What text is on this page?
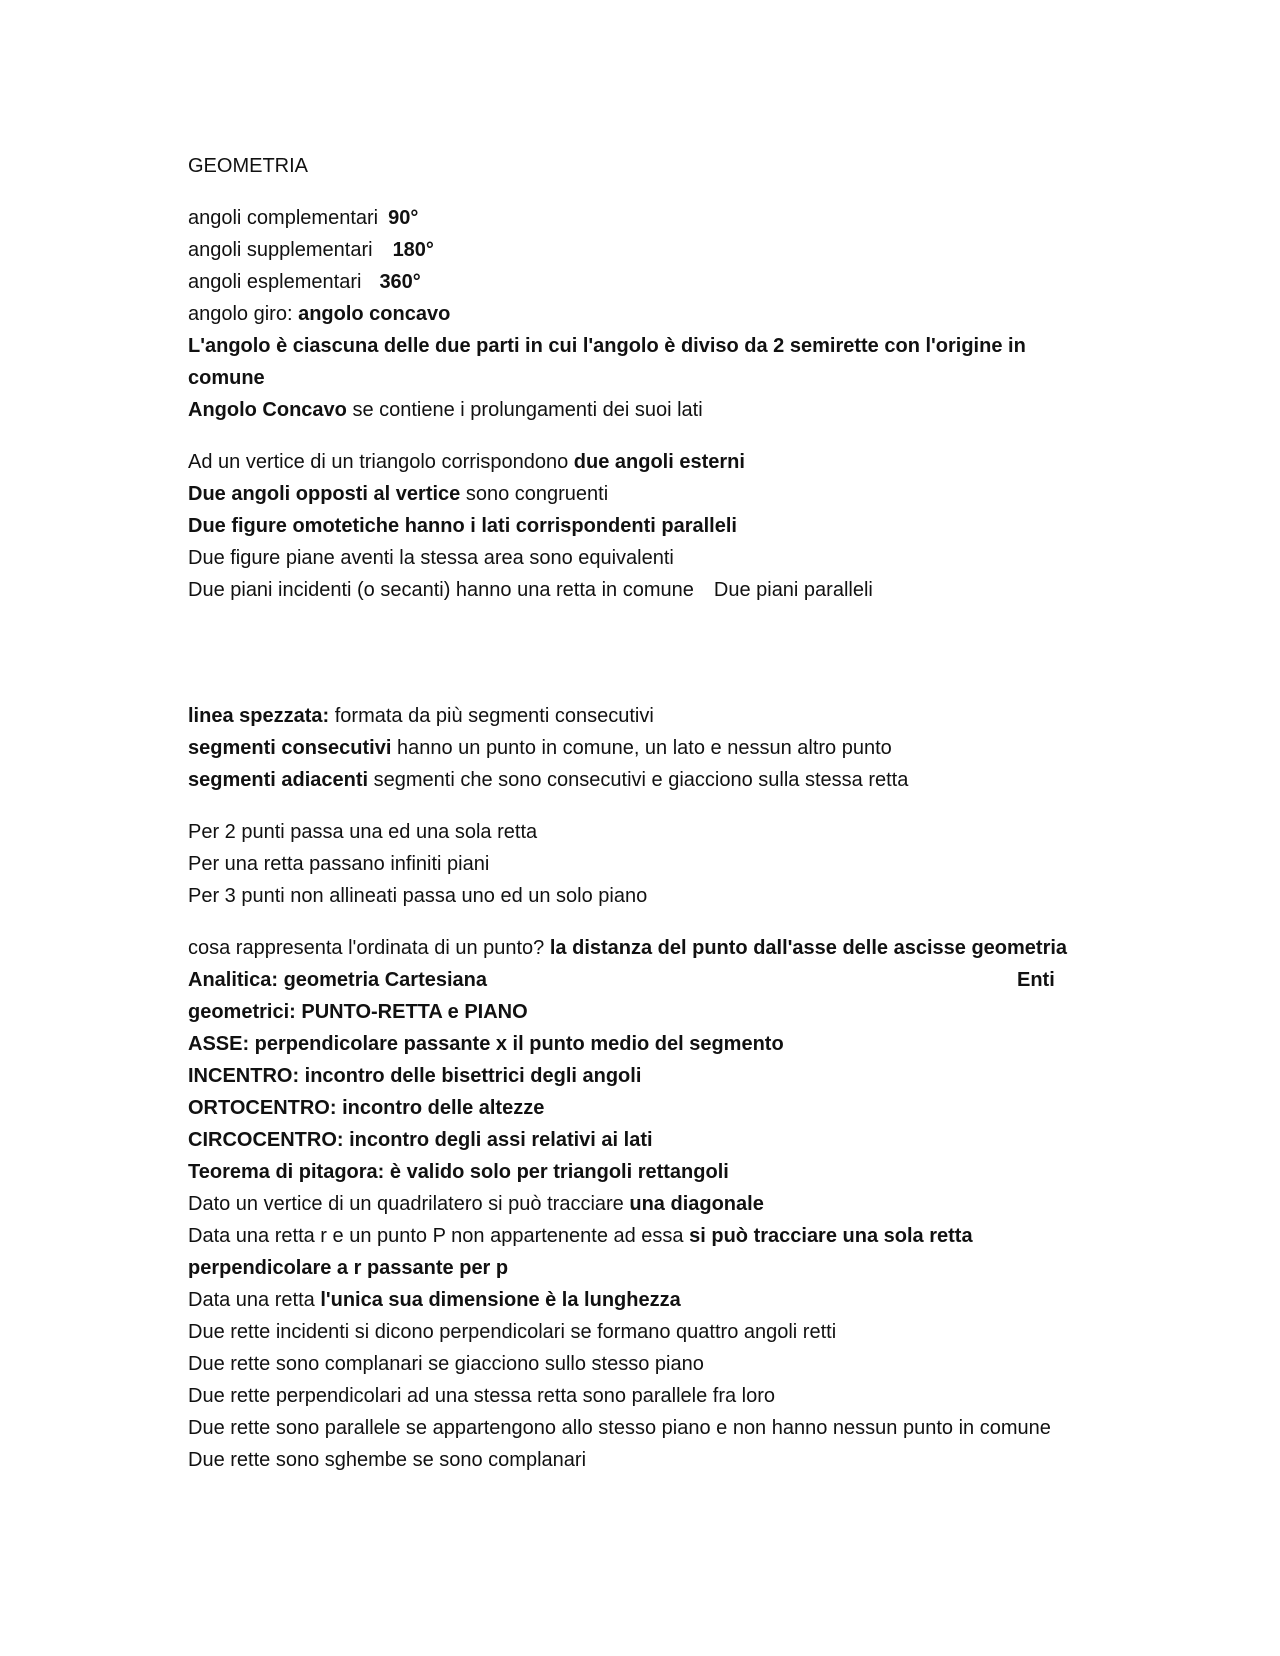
GEOMETRIA

angoli complementari 90°

angoli supplementari 180°

angoli esplementari 360°

angolo giro: angolo concavo

L'angolo è ciascuna delle due parti in cui l'angolo è diviso da 2 semirette con l'origine in comune

Angolo Concavo se contiene i prolungamenti dei suoi lati

Ad un vertice di un triangolo corrispondono due angoli esterni

Due angoli opposti al vertice sono congruenti

Due figure omotetiche hanno i lati corrispondenti paralleli

Due figure piane aventi la stessa area sono equivalenti

Due piani incidenti (o secanti) hanno una retta in comune Due piani paralleli

linea spezzata: formata da più segmenti consecutivi

segmenti consecutivi hanno un punto in comune, un lato e nessun altro punto

segmenti adiacenti segmenti che sono consecutivi e giacciono sulla stessa retta

Per 2 punti passa una ed una sola retta

Per una retta passano infiniti piani

Per 3 punti non allineati passa uno ed un solo piano

cosa rappresenta l'ordinata di un punto? la distanza del punto dall'asse delle ascisse geometria Analitica: geometria Cartesiana	Enti geometrici: PUNTO-RETTA e PIANO

ASSE: perpendicolare passante x il punto medio del segmento

INCENTRO: incontro delle bisettrici degli angoli

ORTOCENTRO: incontro delle altezze

CIRCOCENTRO: incontro degli assi relativi ai lati

Teorema di pitagora: è valido solo per triangoli rettangoli

Dato un vertice di un quadrilatero si può tracciare una diagonale

Data una retta r e un punto P non appartenente ad essa si può tracciare una sola retta perpendicolare a r passante per p

Data una retta l'unica sua dimensione è la lunghezza

Due rette incidenti si dicono perpendicolari se formano quattro angoli retti

Due rette sono complanari se giacciono sullo stesso piano

Due rette perpendicolari ad una stessa retta sono parallele fra loro

Due rette sono parallele se appartengono allo stesso piano e non hanno nessun punto in comune

Due rette sono sghembe se sono complanari
